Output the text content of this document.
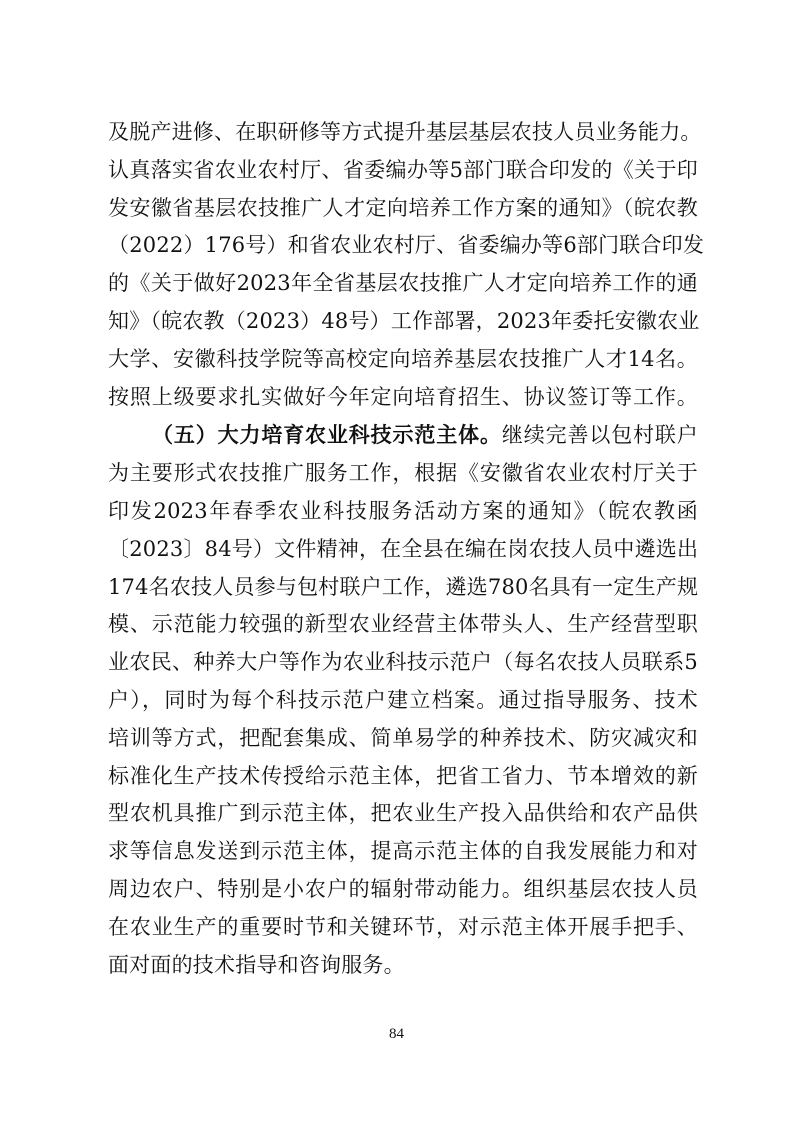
及脱产进修、在职研修等方式提升基层基层农技人员业务能力。
认真落实省农业农村厅、省委编办等5部门联合印发的《关于印
发安徽省基层农技推广人才定向培养工作方案的通知》（皖农教
（2022）176号）和省农业农村厅、省委编办等6部门联合印发
的《关于做好2023年全省基层农技推广人才定向培养工作的通
知》（皖农教（2023）48号）工作部署，2023年委托安徽农业
大学、安徽科技学院等高校定向培养基层农技推广人才14名。
按照上级要求扎实做好今年定向培育招生、协议签订等工作。
（五）大力培育农业科技示范主体。继续完善以包村联户
为主要形式农技推广服务工作，根据《安徽省农业农村厅关于
印发2023年春季农业科技服务活动方案的通知》（皖农教函
〔2023〕84号）文件精神，在全县在编在岗农技人员中遴选出
174名农技人员参与包村联户工作，遴选780名具有一定生产规
模、示范能力较强的新型农业经营主体带头人、生产经营型职
业农民、种养大户等作为农业科技示范户（每名农技人员联系5
户），同时为每个科技示范户建立档案。通过指导服务、技术
培训等方式，把配套集成、简单易学的种养技术、防灾减灾和
标准化生产技术传授给示范主体，把省工省力、节本增效的新
型农机具推广到示范主体，把农业生产投入品供给和农产品供
求等信息发送到示范主体，提高示范主体的自我发展能力和对
周边农户、特别是小农户的辐射带动能力。组织基层农技人员
在农业生产的重要时节和关键环节，对示范主体开展手把手、
面对面的技术指导和咨询服务。
84
